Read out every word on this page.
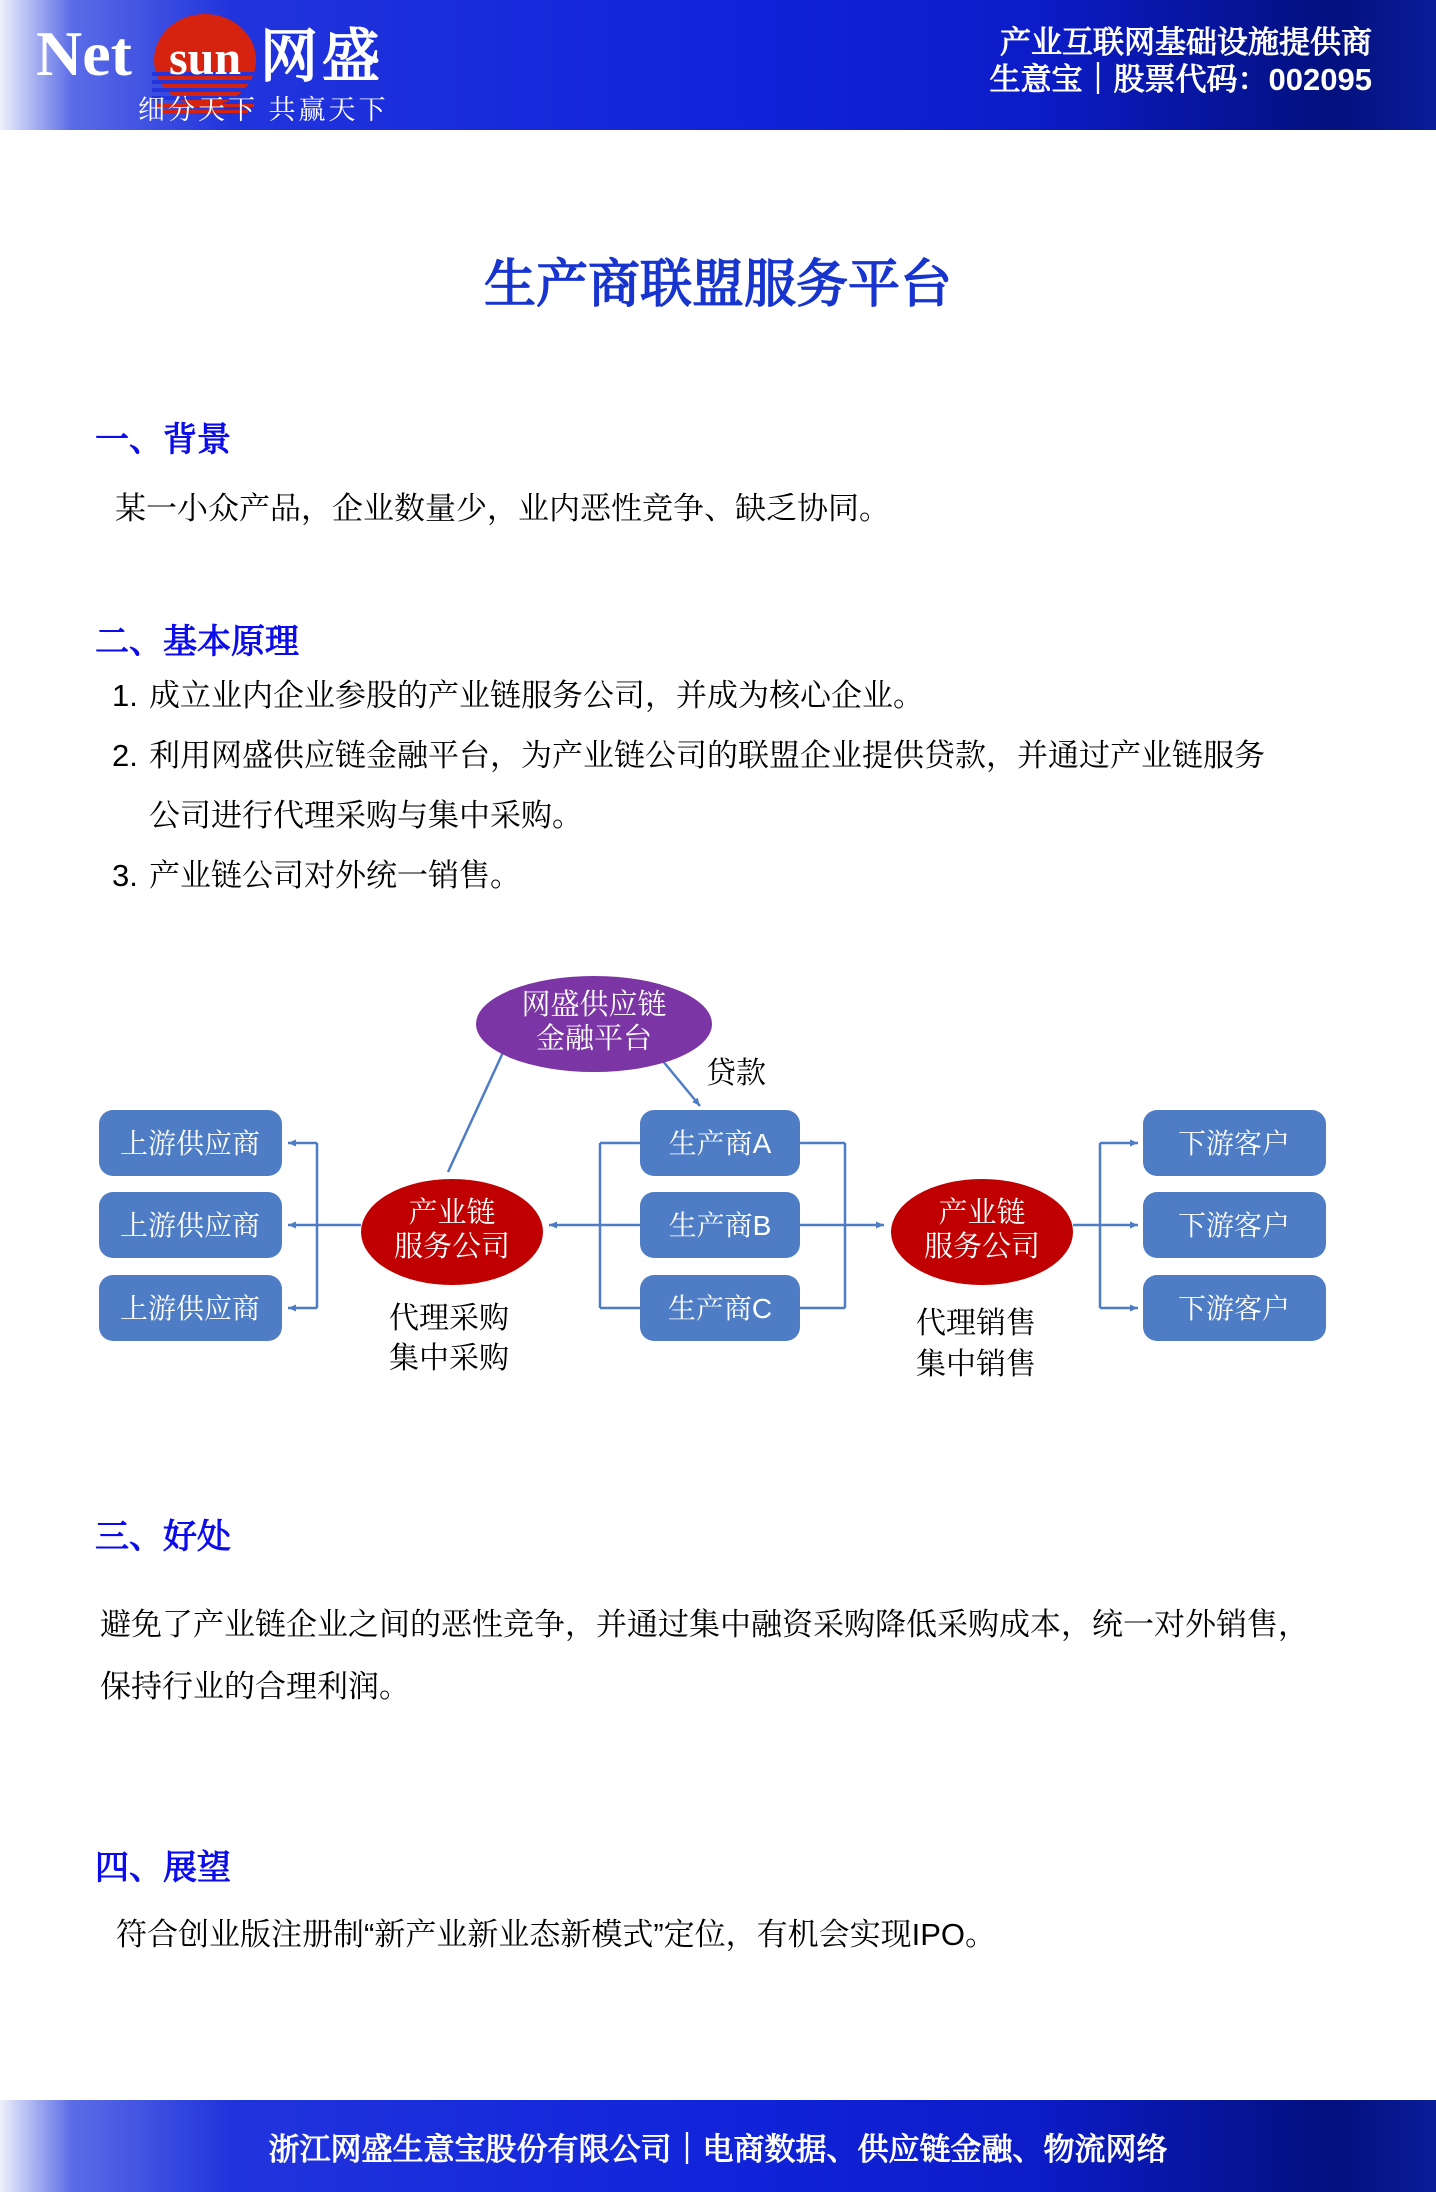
Net sun 网盛
细分天下 共赢天下
产业互联网基础设施提供商
生意宝｜股票代码：002095
生产商联盟服务平台
一、背景
某一小众产品，企业数量少，业内恶性竞争、缺乏协同。
二、基本原理
1. 成立业内企业参股的产业链服务公司，并成为核心企业。
2. 利用网盛供应链金融平台，为产业链公司的联盟企业提供贷款，并通过产业链服务公司进行代理采购与集中采购。
3. 产业链公司对外统一销售。
网盛供应链
金融平台
贷款
上游供应商
上游供应商
上游供应商
生产商A
生产商B
生产商C
下游客户
下游客户
下游客户
产业链
服务公司
产业链
服务公司
代理采购
集中采购
代理销售
集中销售
三、好处
避免了产业链企业之间的恶性竞争，并通过集中融资采购降低采购成本，统一对外销售，保持行业的合理利润。
四、展望
符合创业版注册制“新产业新业态新模式”定位，有机会实现IPO。
浙江网盛生意宝股份有限公司｜电商数据、供应链金融、物流网络
